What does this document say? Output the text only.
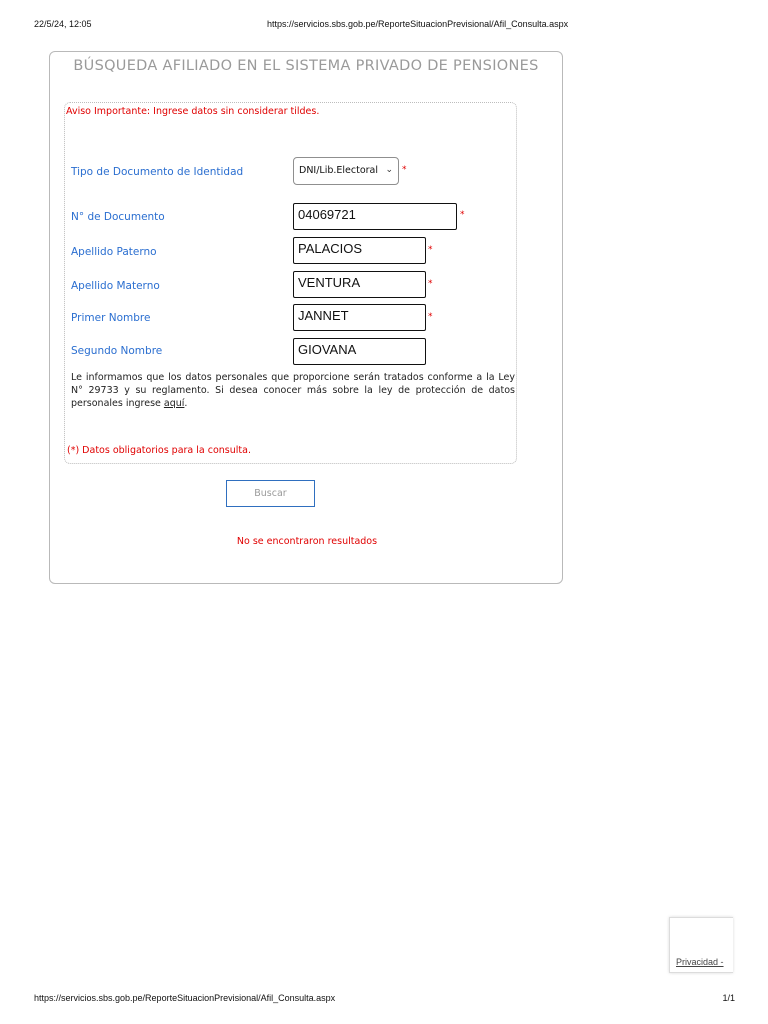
22/5/24, 12:05	https://servicios.sbs.gob.pe/ReporteSituacionPrevisional/Afil_Consulta.aspx
BÚSQUEDA AFILIADO EN EL SISTEMA PRIVADO DE PENSIONES
Aviso Importante: Ingrese datos sin considerar tildes.
Tipo de Documento de Identidad	DNI/Lib.Electoral ⌄ *
N° de Documento	04069721	*
Apellido Paterno	PALACIOS	*
Apellido Materno	VENTURA	*
Primer Nombre	JANNET	*
Segundo Nombre	GIOVANA
Le informamos que los datos personales que proporcione serán tratados conforme a la Ley N° 29733 y su reglamento. Si desea conocer más sobre la ley de protección de datos personales ingrese aquí.
(*) Datos obligatorios para la consulta.
Buscar
No se encontraron resultados
Privacidad -
https://servicios.sbs.gob.pe/ReporteSituacionPrevisional/Afil_Consulta.aspx	1/1
